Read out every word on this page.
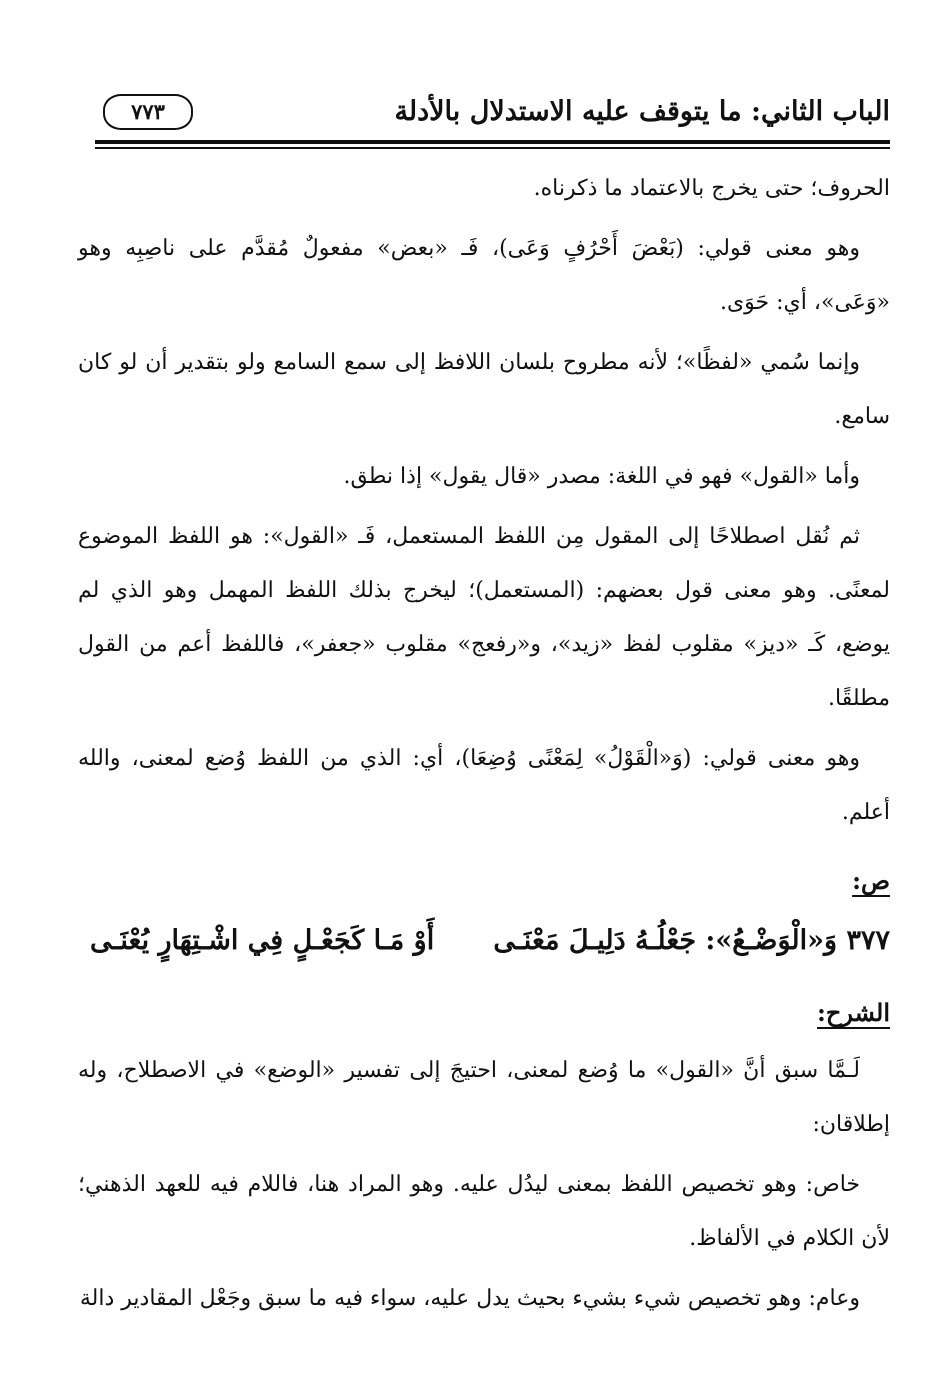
الباب الثاني: ما يتوقف عليه الاستدلال بالأدلة
٧٧٣

الحروف؛ حتى يخرج بالاعتماد ما ذكرناه.

وهو معنى قولي: (بَعْضَ أَحْرُفٍ وَعَى)، فَـ «بعض» مفعولٌ مُقدَّم على ناصِبِه وهو «وَعَى»، أي: حَوَى.

وإنما سُمي «لفظًا»؛ لأنه مطروح بلسان اللافظ إلى سمع السامع ولو بتقدير أن لو كان سامع.

وأما «القول» فهو في اللغة: مصدر «قال يقول» إذا نطق.

ثم نُقل اصطلاحًا إلى المقول مِن اللفظ المستعمل، فَـ «القول»: هو اللفظ الموضوع لمعنًى. وهو معنى قول بعضهم: (المستعمل)؛ ليخرج بذلك اللفظ المهمل وهو الذي لم يوضع، كَـ «ديز» مقلوب لفظ «زيد»، و«رفعج» مقلوب «جعفر»، فاللفظ أعم من القول مطلقًا.

وهو معنى قولي: (وَ«الْقَوْلُ» لِمَعْنًى وُضِعَا)، أي: الذي من اللفظ وُضع لمعنى، والله أعلم.

ص:
٣٧٧ وَ«الْوَضْـعُ»: جَعْلُـهُ دَلِيـلَ مَعْنَـى
أَوْ مَـا كَجَعْـلٍ فِي اشْـتِهَارٍ يُعْنَـى
الشرح:

لَـمَّا سبق أنَّ «القول» ما وُضع لمعنى، احتيجَ إلى تفسير «الوضع» في الاصطلاح، وله إطلاقان:

خاص: وهو تخصيص اللفظ بمعنى ليدُل عليه. وهو المراد هنا، فاللام فيه للعهد الذهني؛ لأن الكلام في الألفاظ.

وعام: وهو تخصيص شيء بشيء بحيث يدل عليه، سواء فيه ما سبق وجَعْل المقادير دالة
